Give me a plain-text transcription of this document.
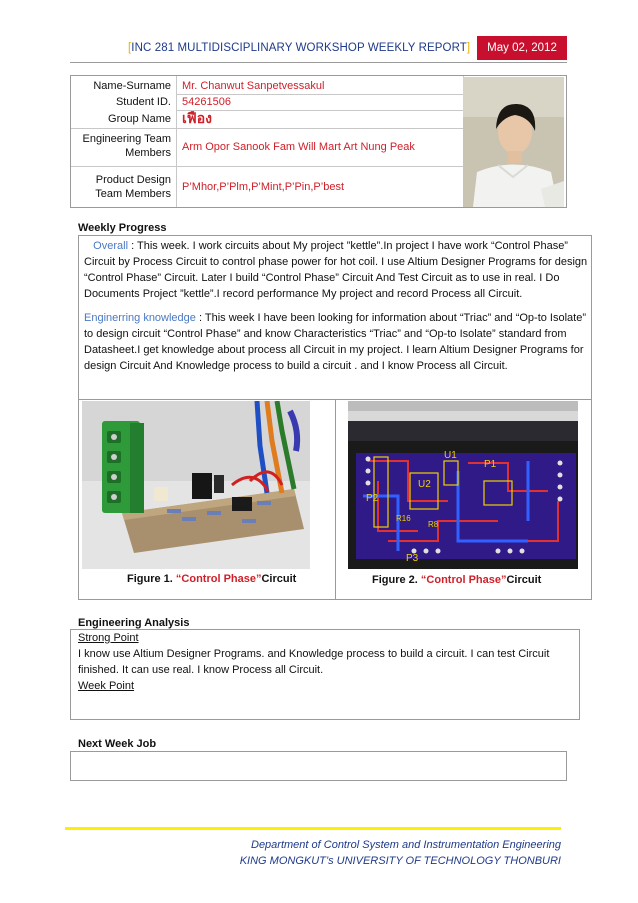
[INC 281 MULTIDISCIPLINARY WORKSHOP WEEKLY REPORT]	May 02, 2012
Name-Surname Mr. Chanwut Sanpetvessakul
Student ID. 54261506
Group Name เฟือง
Engineering Team
Members Arm Opor Sanook Fam Will Mart Art Nung Peak
Product Design
Team Members
P’Mhor,P’Plm,P’Mint,P’Pin,P’best
Weekly Progress
Overall : This week. I work circuits about My project ”kettle”.In project I have work “Control Phase”
Circuit by Process Circuit to control phase power for hot coil. I use Altium Designer Programs for design
“Control Phase” Circuit. Later I build “Control Phase” Circuit And Test Circuit as to use in real. I Do
Documents Project ”kettle”.I record performance My project and record Process all Circuit.
Enginerring knowledge : This week I have been looking for information about “Triac” and “Op-to Isolate”
to design circuit “Control Phase” and know Characteristics “Triac” and “Op-to Isolate” standard from
Datasheet.I get knowledge about process all Circuit in my project. I learn Altium Designer Programs for
design Circuit And Knowledge process to build a circuit . and I know Process all Circuit.
U1
U2
P1
P2
P3
R16
R8
Figure 1. “Control Phase”Circuit	Figure 2. “Control Phase”Circuit
Engineering Analysis
Strong Point
I know use Altium Designer Programs. and Knowledge process to build a circuit. I can test Circuit
finished. It can use real. I know Process all Circuit.
Week Point
Next Week Job
Department of Control System and Instrumentation Engineering
KING MONGKUT’s UNIVERSITY OF TECHNOLOGY THONBURI
